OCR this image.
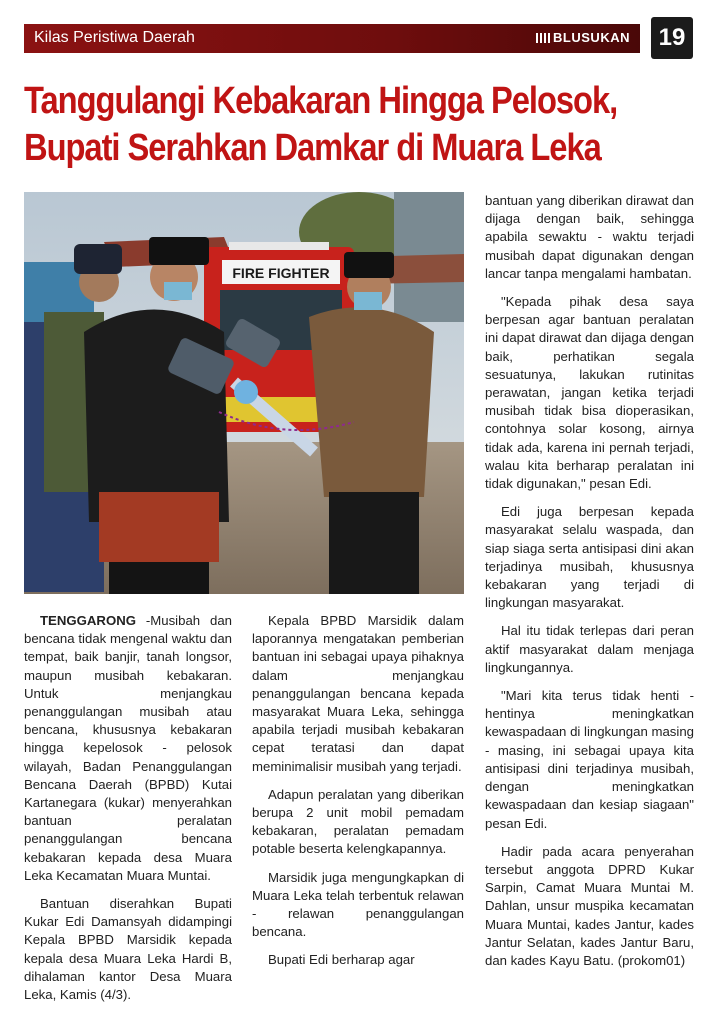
Kilas Peristiwa Daerah	BLUSUKAN	19
Tanggulangi Kebakaran Hingga Pelosok,
Bupati Serahkan Damkar di Muara Leka
FIRE FIGHTER

TENGGARONG -Musibah dan bencana tidak mengenal waktu dan tempat, baik banjir, tanah longsor, maupun musibah kebakaran. Untuk menjangkau penanggulangan musibah atau bencana, khususnya kebakaran hingga kepelosok - pelosok wilayah, Badan Penanggulangan Bencana Daerah (BPBD) Kutai Kartanegara (kukar) menyerahkan bantuan peralatan penanggulangan bencana kebakaran kepada desa Muara Leka Kecamatan Muara Muntai.

Bantuan diserahkan Bupati Kukar Edi Damansyah didampingi Kepala BPBD Marsidik kepada kepala desa Muara Leka Hardi B, dihalaman kantor Desa Muara Leka, Kamis (4/3).

Kepala BPBD Marsidik dalam laporannya mengatakan pemberian bantuan ini sebagai upaya pihaknya dalam menjangkau penanggulangan bencana kepada masyarakat Muara Leka, sehingga apabila terjadi musibah kebakaran cepat teratasi dan dapat meminimalisir musibah yang terjadi.

Adapun peralatan yang diberikan berupa 2 unit mobil pemadam kebakaran, peralatan pemadam potable beserta kelengkapannya.

Marsidik juga mengungkapkan di Muara Leka telah terbentuk relawan - relawan penanggulangan bencana.

Bupati Edi berharap agar

bantuan yang diberikan dirawat dan dijaga dengan baik, sehingga apabila sewaktu - waktu terjadi musibah dapat digunakan dengan lancar tanpa mengalami hambatan.

"Kepada pihak desa saya berpesan agar bantuan peralatan ini dapat dirawat dan dijaga dengan baik, perhatikan segala sesuatunya, lakukan rutinitas perawatan, jangan ketika terjadi musibah tidak bisa dioperasikan, contohnya solar kosong, airnya tidak ada, karena ini pernah terjadi, walau kita berharap peralatan ini tidak digunakan," pesan Edi.

Edi juga berpesan kepada masyarakat selalu waspada, dan siap siaga serta antisipasi dini akan terjadinya musibah, khususnya kebakaran yang terjadi di lingkungan masyarakat.

Hal itu tidak terlepas dari peran aktif masyarakat dalam menjaga lingkungannya.

"Mari kita terus tidak henti - hentinya meningkatkan kewaspadaan di lingkungan masing - masing, ini sebagai upaya kita antisipasi dini terjadinya musibah, dengan meningkatkan kewaspadaan dan kesiap siagaan" pesan Edi.

Hadir pada acara penyerahan tersebut anggota DPRD Kukar Sarpin, Camat Muara Muntai M. Dahlan, unsur muspika kecamatan Muara Muntai, kades Jantur, kades Jantur Selatan, kades Jantur Baru, dan kades Kayu Batu. (prokom01)
